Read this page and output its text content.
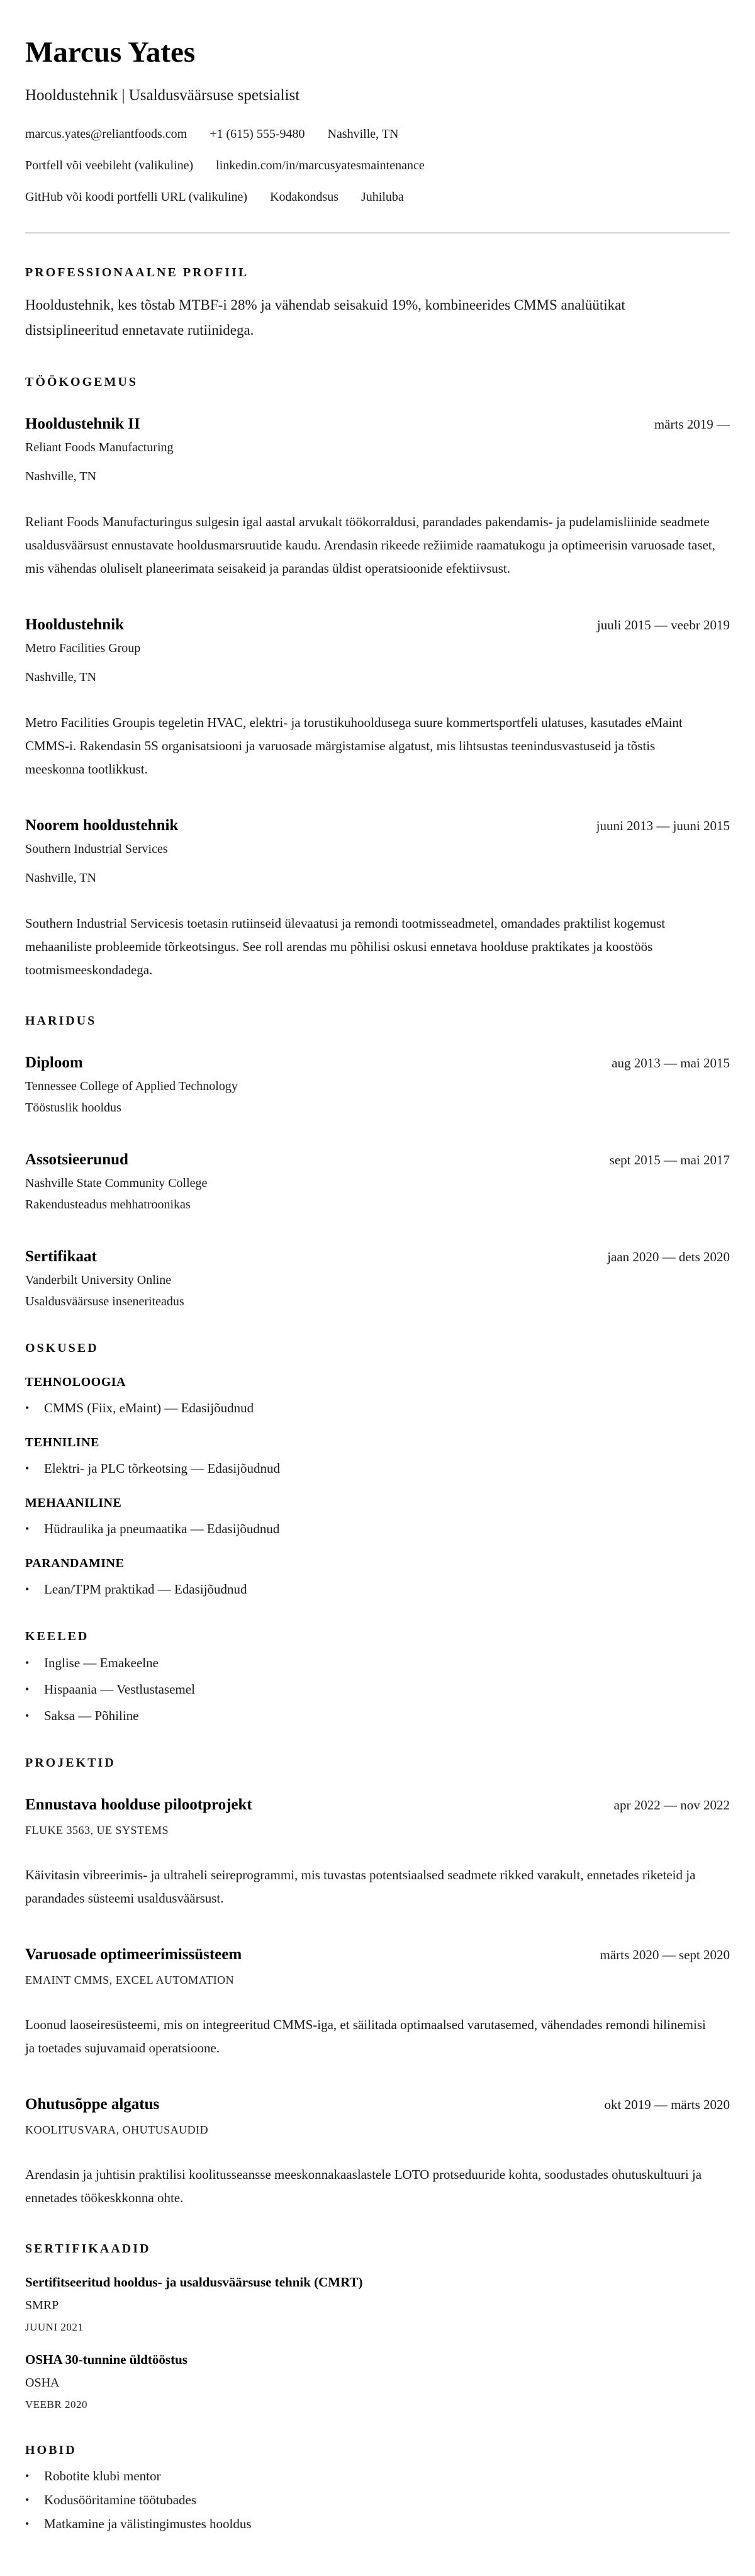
Marcus Yates
Hooldustehnik | Usaldusväärsuse spetsialist
marcus.yates@reliantfoods.com +1 (615) 555-9480 Nashville, TN
Portfell või veebileht (valikuline) linkedin.com/in/marcusyatesmaintenance
GitHub või koodi portfelli URL (valikuline) Kodakondsus Juhiluba
PROFESSIONAALNE PROFIIL

Hooldustehnik, kes tõstab MTBF-i 28% ja vähendab seisakuid 19%, kombineerides CMMS analüütikat distsiplineeritud ennetavate rutiinidega.

TÖÖKOGEMUS
Hooldustehnik II	märts 2019 —
Reliant Foods Manufacturing
Nashville, TN

Reliant Foods Manufacturingus sulgesin igal aastal arvukalt töökorraldusi, parandades pakendamis- ja pudelamisliinide seadmete usaldusväärsust ennustavate hooldusmarsruutide kaudu. Arendasin rikeede režiimide raamatukogu ja optimeerisin varuosade taset, mis vähendas oluliselt planeerimata seisakeid ja parandas üldist operatsioonide efektiivsust.

Hooldustehnik	juuli 2015 — veebr 2019
Metro Facilities Group
Nashville, TN

Metro Facilities Groupis tegeletin HVAC, elektri- ja torustikuhooldusega suure kommertsportfeli ulatuses, kasutades eMaint CMMS-i. Rakendasin 5S organisatsiooni ja varuosade märgistamise algatust, mis lihtsustas teenindusvastuseid ja tõstis meeskonna tootlikkust.

Noorem hooldustehnik	juuni 2013 — juuni 2015
Southern Industrial Services
Nashville, TN

Southern Industrial Servicesis toetasin rutiinseid ülevaatusi ja remondi tootmisseadmetel, omandades praktilist kogemust mehaaniliste probleemide tõrkeotsingus. See roll arendas mu põhilisi oskusi ennetava hoolduse praktikates ja koostöös tootmismeeskondadega.

HARIDUS
Diploom	aug 2013 — mai 2015
Tennessee College of Applied Technology
Tööstuslik hooldus
Assotsieerunud	sept 2015 — mai 2017
Nashville State Community College
Rakendusteadus mehhatroonikas
Sertifikaat	jaan 2020 — dets 2020
Vanderbilt University Online
Usaldusväärsuse inseneriteadus
OSKUSED
TEHNOLOOGIA
•	CMMS (Fiix, eMaint) — Edasijõudnud
TEHNILINE
•	Elektri- ja PLC tõrkeotsing — Edasijõudnud
MEHAANILINE
•	Hüdraulika ja pneumaatika — Edasijõudnud
PARANDAMINE
•	Lean/TPM praktikad — Edasijõudnud
KEELED
•	Inglise — Emakeelne
•	Hispaania — Vestlustasemel
•	Saksa — Põhiline
PROJEKTID
Ennustava hoolduse pilootprojekt	apr 2022 — nov 2022
FLUKE 3563, UE SYSTEMS

Käivitasin vibreerimis- ja ultraheli seireprogrammi, mis tuvastas potentsiaalsed seadmete rikked varakult, ennetades riketeid ja parandades süsteemi usaldusväärsust.

Varuosade optimeerimissüsteem	märts 2020 — sept 2020
EMAINT CMMS, EXCEL AUTOMATION

Loonud laoseiresüsteemi, mis on integreeritud CMMS-iga, et säilitada optimaalsed varutasemed, vähendades remondi hilinemisi ja toetades sujuvamaid operatsioone.

Ohutusõppe algatus	okt 2019 — märts 2020
KOOLITUSVARA, OHUTUSAUDID

Arendasin ja juhtisin praktilisi koolitusseansse meeskonnakaaslastele LOTO protseduuride kohta, soodustades ohutuskultuuri ja ennetades töökeskkonna ohte.

SERTIFIKAADID
Sertifitseeritud hooldus- ja usaldusväärsuse tehnik (CMRT)
SMRP
JUUNI 2021
OSHA 30-tunnine üldtööstus
OSHA
VEEBR 2020
HOBID
•	Robotite klubi mentor
•	Kodusööritamine töötubades
•	Matkamine ja välistingimustes hooldus
